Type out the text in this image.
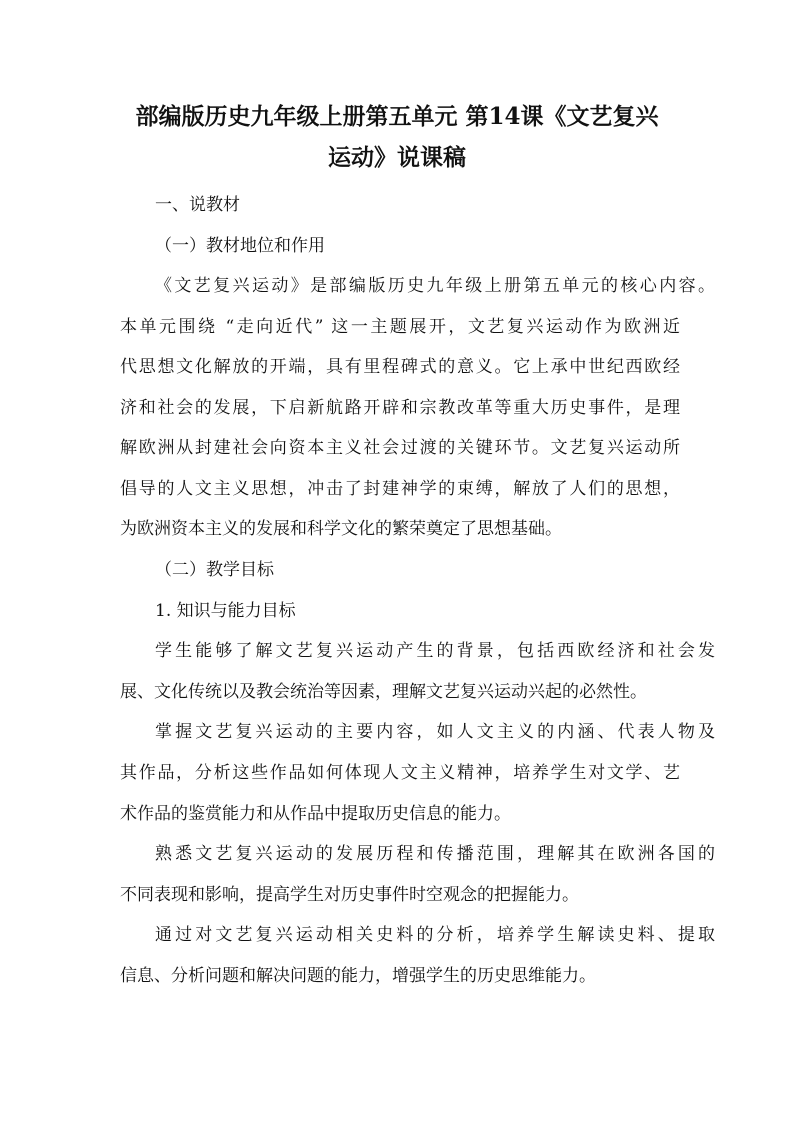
部编版历史九年级上册第五单元 第14课《文艺复兴
运动》说课稿

一、说教材

（一）教材地位和作用

《文艺复兴运动》是部编版历史九年级上册第五单元的核心内容。

本单元围绕 “走向近代” 这一主题展开，文艺复兴运动作为欧洲近

代思想文化解放的开端，具有里程碑式的意义。它上承中世纪西欧经

济和社会的发展，下启新航路开辟和宗教改革等重大历史事件，是理

解欧洲从封建社会向资本主义社会过渡的关键环节。文艺复兴运动所

倡导的人文主义思想，冲击了封建神学的束缚，解放了人们的思想，

为欧洲资本主义的发展和科学文化的繁荣奠定了思想基础。

（二）教学目标

1. 知识与能力目标

学生能够了解文艺复兴运动产生的背景，包括西欧经济和社会发

展、文化传统以及教会统治等因素，理解文艺复兴运动兴起的必然性。

掌握文艺复兴运动的主要内容，如人文主义的内涵、代表人物及

其作品，分析这些作品如何体现人文主义精神，培养学生对文学、艺

术作品的鉴赏能力和从作品中提取历史信息的能力。

熟悉文艺复兴运动的发展历程和传播范围，理解其在欧洲各国的

不同表现和影响，提高学生对历史事件时空观念的把握能力。

通过对文艺复兴运动相关史料的分析，培养学生解读史料、提取

信息、分析问题和解决问题的能力，增强学生的历史思维能力。
